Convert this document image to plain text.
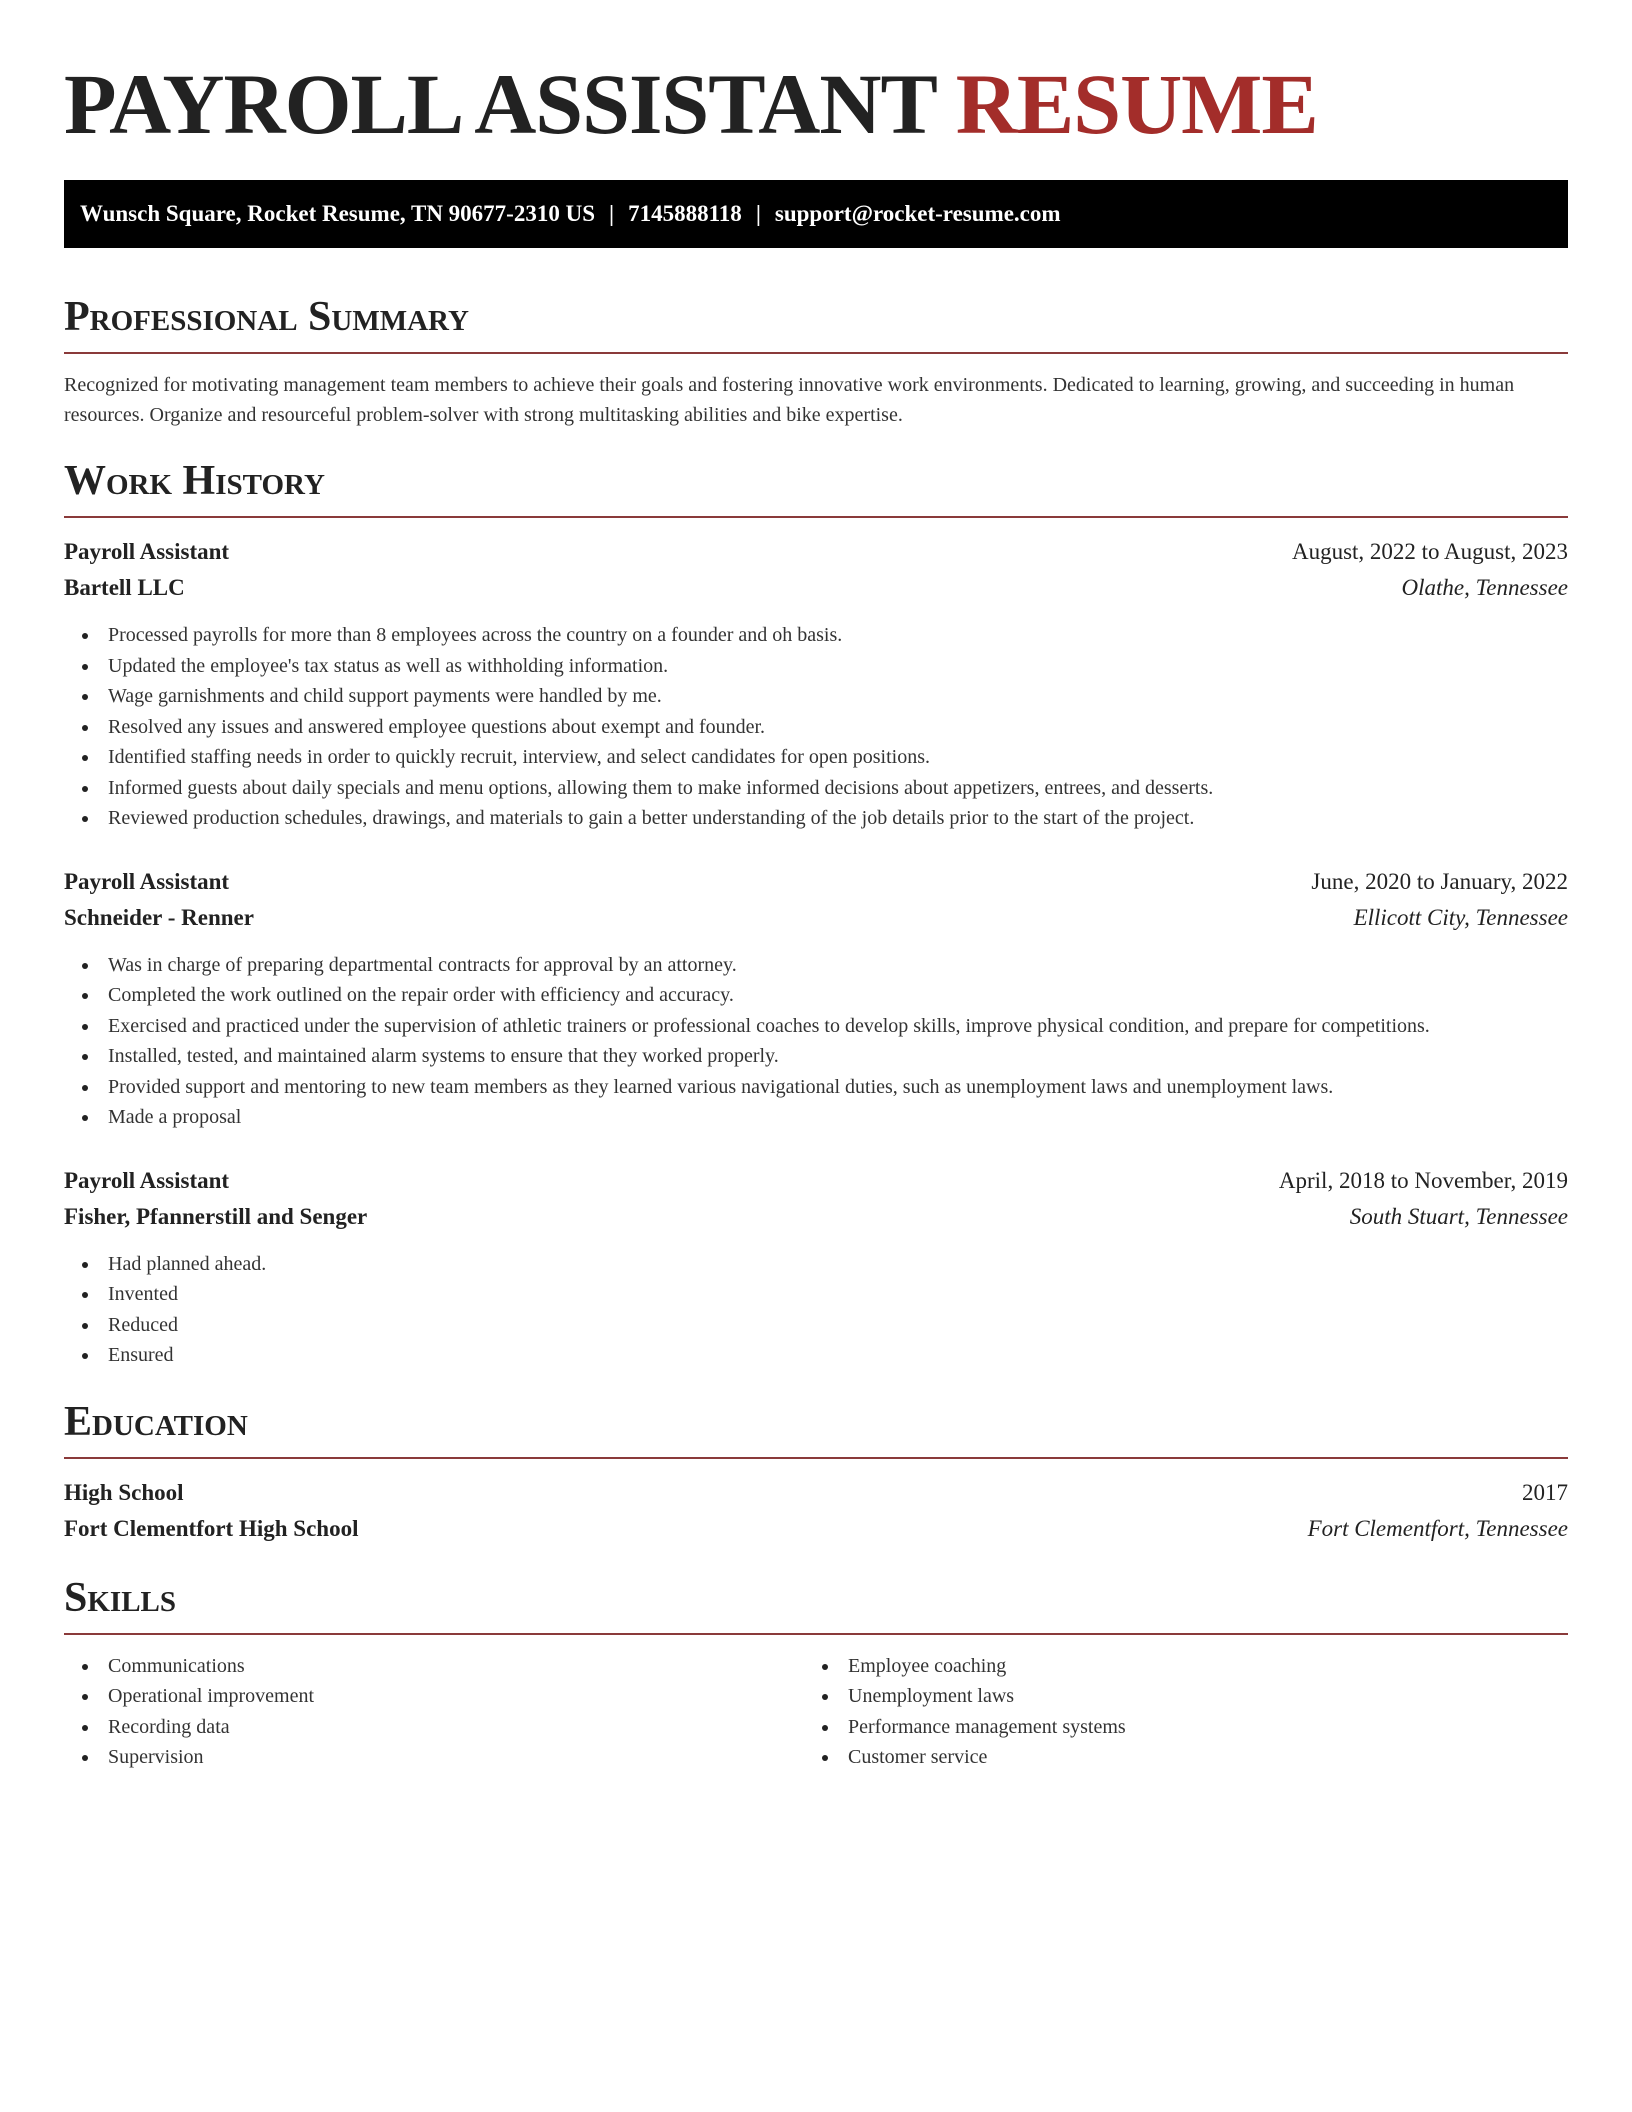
PAYROLL ASSISTANT RESUME
Wunsch Square, Rocket Resume, TN 90677-2310 US | 7145888118 | support@rocket-resume.com
Professional Summary

Recognized for motivating management team members to achieve their goals and fostering innovative work environments. Dedicated to learning, growing, and succeeding in human resources. Organize and resourceful problem-solver with strong multitasking abilities and bike expertise.

Work History
Payroll Assistant	August, 2022 to August, 2023
Bartell LLC	Olathe, Tennessee
Processed payrolls for more than 8 employees across the country on a founder and oh basis.
Updated the employee's tax status as well as withholding information.
Wage garnishments and child support payments were handled by me.
Resolved any issues and answered employee questions about exempt and founder.
Identified staffing needs in order to quickly recruit, interview, and select candidates for open positions.
Informed guests about daily specials and menu options, allowing them to make informed decisions about appetizers, entrees, and desserts.
Reviewed production schedules, drawings, and materials to gain a better understanding of the job details prior to the start of the project.
Payroll Assistant	June, 2020 to January, 2022
Schneider - Renner	Ellicott City, Tennessee
Was in charge of preparing departmental contracts for approval by an attorney.
Completed the work outlined on the repair order with efficiency and accuracy.
Exercised and practiced under the supervision of athletic trainers or professional coaches to develop skills, improve physical condition, and prepare for competitions.
Installed, tested, and maintained alarm systems to ensure that they worked properly.
Provided support and mentoring to new team members as they learned various navigational duties, such as unemployment laws and unemployment laws.
Made a proposal
Payroll Assistant	April, 2018 to November, 2019
Fisher, Pfannerstill and Senger	South Stuart, Tennessee
Had planned ahead.
Invented
Reduced
Ensured
Education
High School	2017
Fort Clementfort High School	Fort Clementfort, Tennessee
Skills
Communications
Operational improvement
Recording data
Supervision
Employee coaching
Unemployment laws
Performance management systems
Customer service
